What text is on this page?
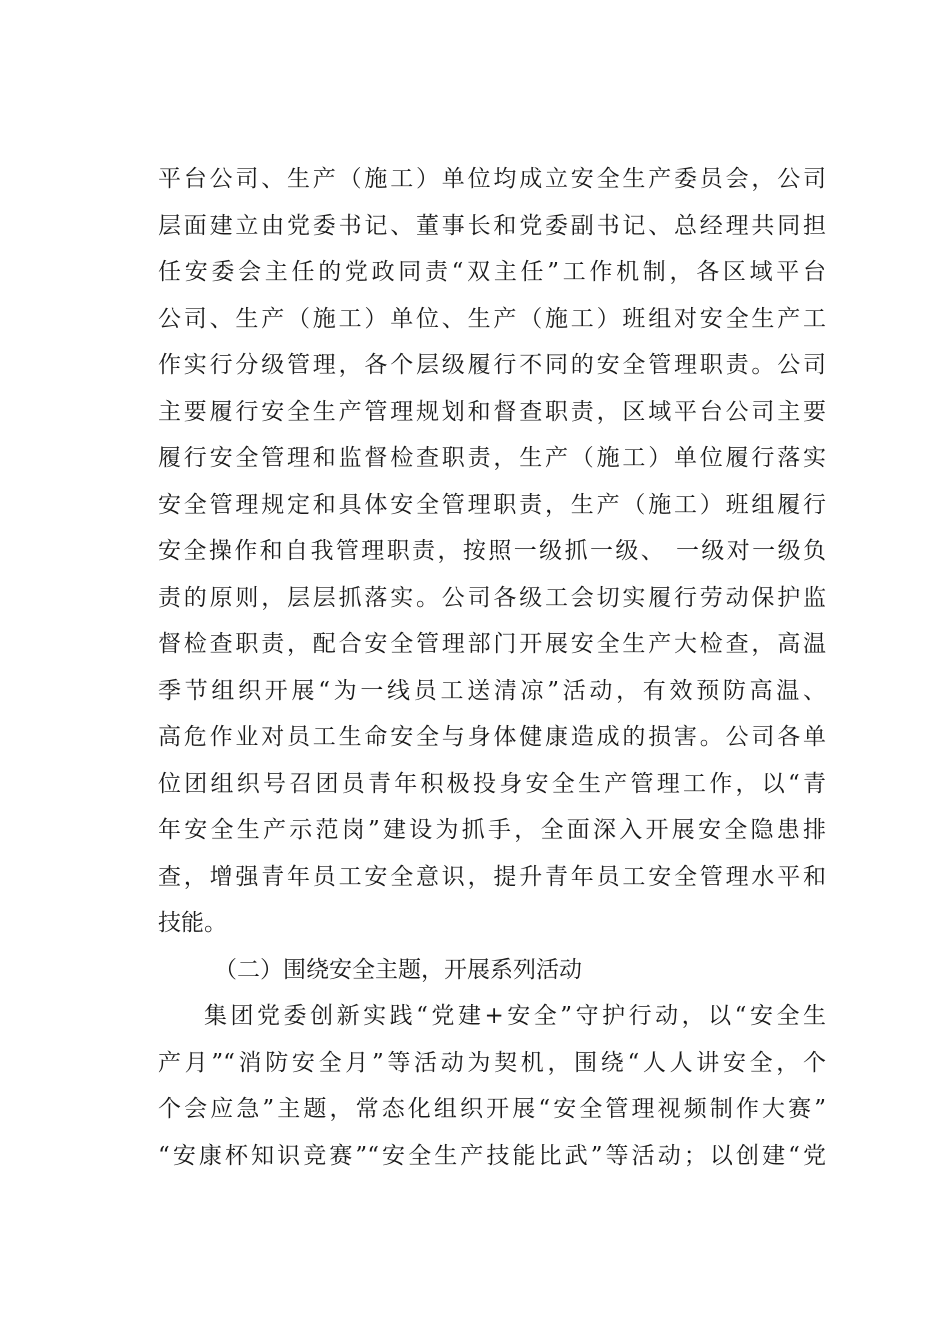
平台公司、生产（施工）单位均成立安全生产委员会，公司
层面建立由党委书记、董事长和党委副书记、总经理共同担
任安委会主任的党政同责“双主任”工作机制，各区域平台
公司、生产（施工）单位、生产（施工）班组对安全生产工
作实行分级管理，各个层级履行不同的安全管理职责。公司
主要履行安全生产管理规划和督查职责，区域平台公司主要
履行安全管理和监督检查职责，生产（施工）单位履行落实
安全管理规定和具体安全管理职责，生产（施工）班组履行
安全操作和自我管理职责，按照一级抓一级、 一级对一级负
责的原则，层层抓落实。公司各级工会切实履行劳动保护监
督检查职责，配合安全管理部门开展安全生产大检查，高温
季节组织开展“为一线员工送清凉”活动，有效预防高温、
高危作业对员工生命安全与身体健康造成的损害。公司各单
位团组织号召团员青年积极投身安全生产管理工作，以“青
年安全生产示范岗”建设为抓手，全面深入开展安全隐患排
查，增强青年员工安全意识，提升青年员工安全管理水平和
技能。
（二）围绕安全主题，开展系列活动
集团党委创新实践“党建+安全”守护行动，以“安全生
产月”“消防安全月”等活动为契机，围绕“人人讲安全，个
个会应急”主题，常态化组织开展“安全管理视频制作大赛”
“安康杯知识竞赛”“安全生产技能比武”等活动；以创建“党
